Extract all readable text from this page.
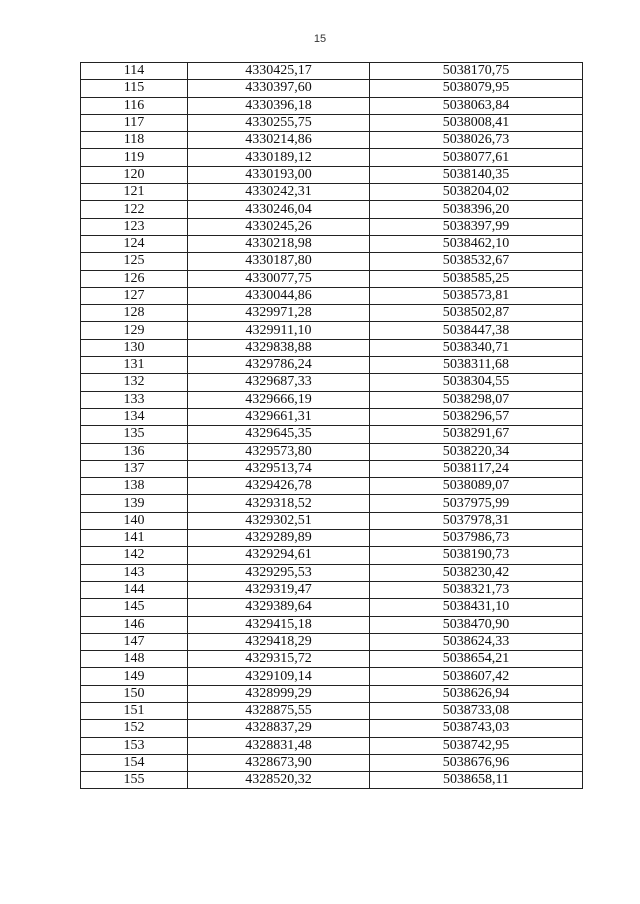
15
114	4330425,17	5038170,75
115	4330397,60	5038079,95
116	4330396,18	5038063,84
117	4330255,75	5038008,41
118	4330214,86	5038026,73
119	4330189,12	5038077,61
120	4330193,00	5038140,35
121	4330242,31	5038204,02
122	4330246,04	5038396,20
123	4330245,26	5038397,99
124	4330218,98	5038462,10
125	4330187,80	5038532,67
126	4330077,75	5038585,25
127	4330044,86	5038573,81
128	4329971,28	5038502,87
129	4329911,10	5038447,38
130	4329838,88	5038340,71
131	4329786,24	5038311,68
132	4329687,33	5038304,55
133	4329666,19	5038298,07
134	4329661,31	5038296,57
135	4329645,35	5038291,67
136	4329573,80	5038220,34
137	4329513,74	5038117,24
138	4329426,78	5038089,07
139	4329318,52	5037975,99
140	4329302,51	5037978,31
141	4329289,89	5037986,73
142	4329294,61	5038190,73
143	4329295,53	5038230,42
144	4329319,47	5038321,73
145	4329389,64	5038431,10
146	4329415,18	5038470,90
147	4329418,29	5038624,33
148	4329315,72	5038654,21
149	4329109,14	5038607,42
150	4328999,29	5038626,94
151	4328875,55	5038733,08
152	4328837,29	5038743,03
153	4328831,48	5038742,95
154	4328673,90	5038676,96
155	4328520,32	5038658,11
